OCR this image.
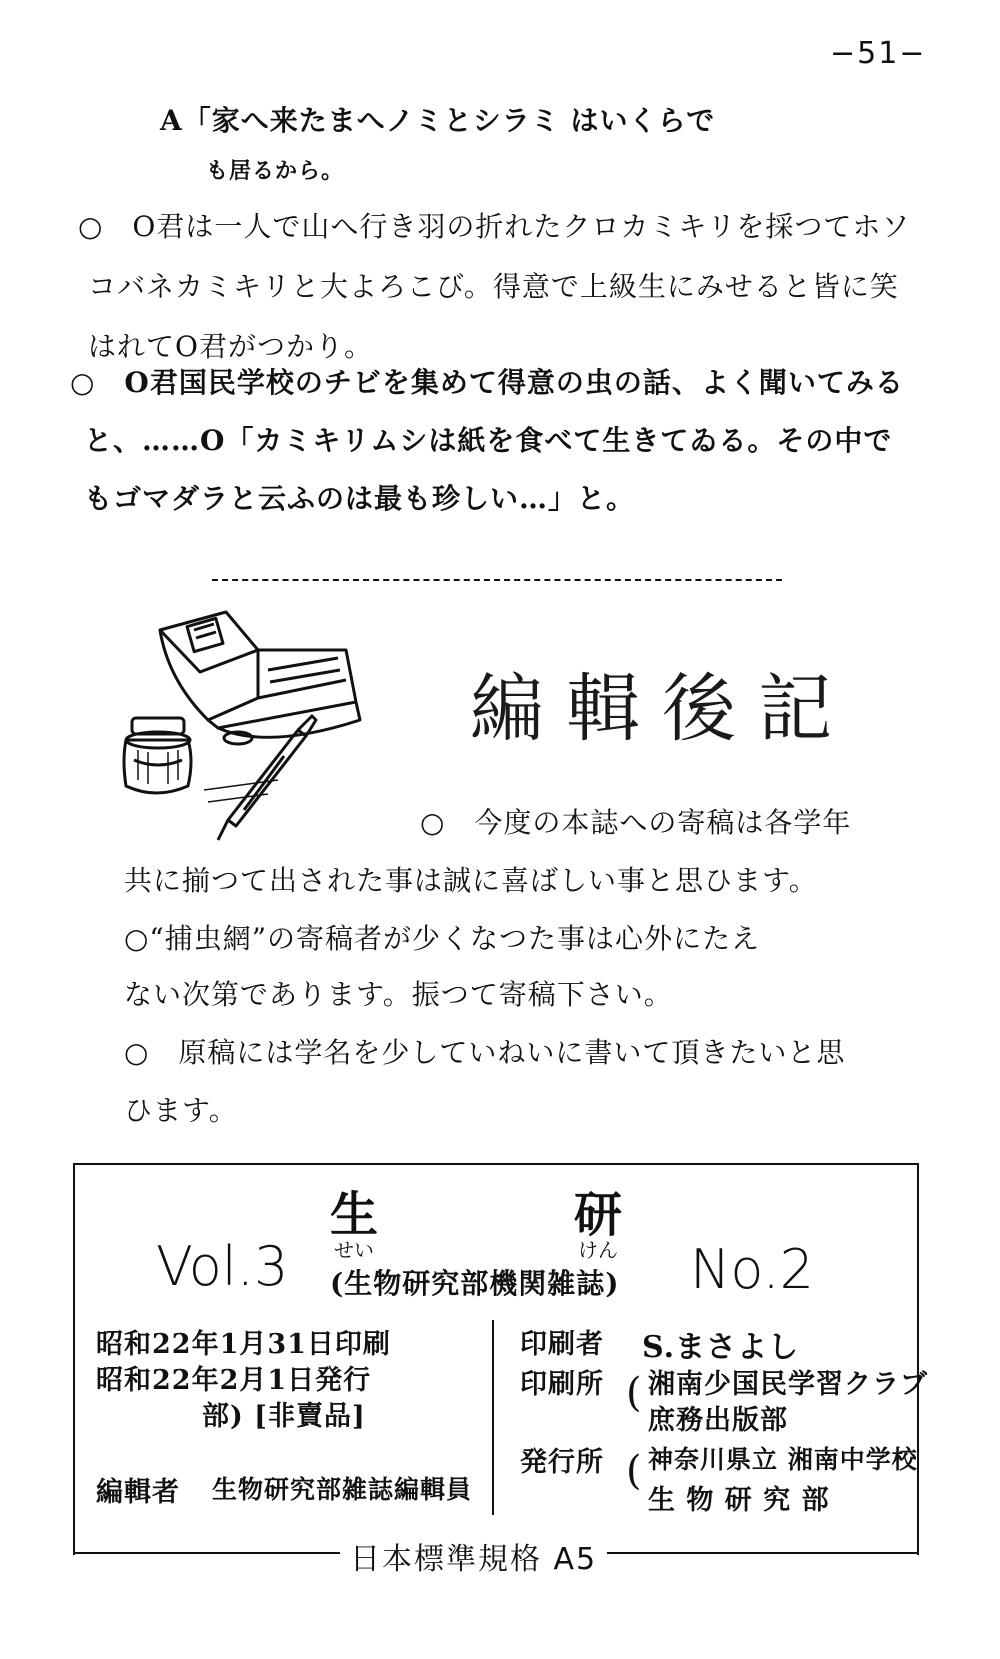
−51−
A「家へ来たまへノミとシラミ はいくらで
も居るから。
○　O君は一人で山へ行き羽の折れたクロカミキリを採つてホソ
コバネカミキリと大よろこび。得意で上級生にみせると皆に笑
はれてO君がつかり。
○　O君国民学校のチビを集めて得意の虫の話、よく聞いてみる
と、……O「カミキリムシは紙を食べて生きてゐる。その中で
もゴマダラと云ふのは最も珍しい…」と。
編輯後記
○　今度の本誌への寄稿は各学年
共に揃つて出された事は誠に喜ばしい事と思ひます。
○“捕虫網”の寄稿者が少くなつた事は心外にたえ
ない次第であります。振つて寄稿下さい。
○　原稿には学名を少していねいに書いて頂きたいと思
ひます。
生	研
せい	けん
Vol.3	No.2
(生物研究部機関雑誌)
昭和22年1月31日印刷
昭和22年2月1日発行
部) [非賣品]
編輯者 生物研究部雑誌編輯員
印刷者 S.まさよし
印刷所 ( 湘南少国民学習クラブ
庶務出版部
発行所 ( 神奈川県立 湘南中学校
生 物 研 究 部
日本標準規格 A5
